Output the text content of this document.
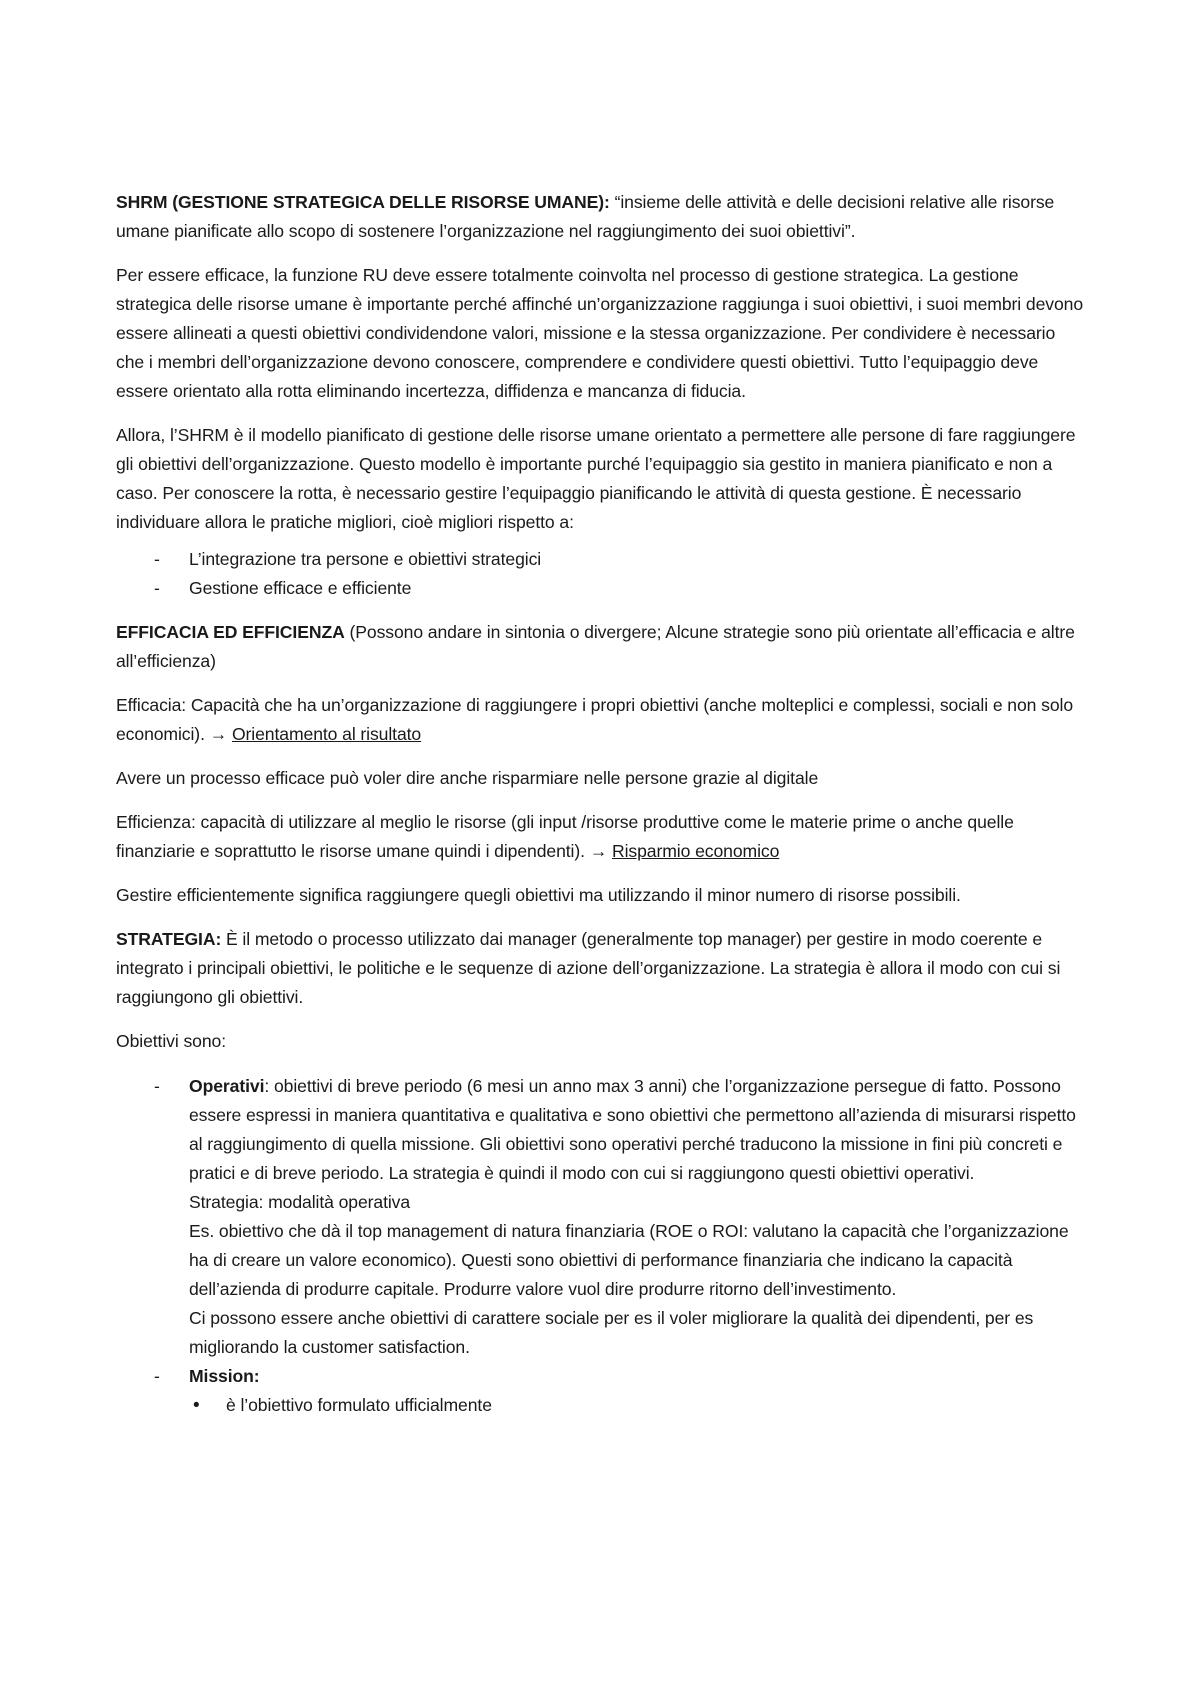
SHRM (GESTIONE STRATEGICA DELLE RISORSE UMANE): “insieme delle attività e delle decisioni relative alle risorse umane pianificate allo scopo di sostenere l’organizzazione nel raggiungimento dei suoi obiettivi”.

Per essere efficace, la funzione RU deve essere totalmente coinvolta nel processo di gestione strategica. La gestione strategica delle risorse umane è importante perché affinché un’organizzazione raggiunga i suoi obiettivi, i suoi membri devono essere allineati a questi obiettivi condividendone valori, missione e la stessa organizzazione. Per condividere è necessario che i membri dell’organizzazione devono conoscere, comprendere e condividere questi obiettivi. Tutto l’equipaggio deve essere orientato alla rotta eliminando incertezza, diffidenza e mancanza di fiducia.

Allora, l’SHRM è il modello pianificato di gestione delle risorse umane orientato a permettere alle persone di fare raggiungere gli obiettivi dell’organizzazione. Questo modello è importante purché l’equipaggio sia gestito in maniera pianificato e non a caso. Per conoscere la rotta, è necessario gestire l’equipaggio pianificando le attività di questa gestione. È necessario individuare allora le pratiche migliori, cioè migliori rispetto a:

- L’integrazione tra persone e obiettivi strategici
- Gestione efficace e efficiente

EFFICACIA ED EFFICIENZA (Possono andare in sintonia o divergere; Alcune strategie sono più orientate all’efficacia e altre all’efficienza)

Efficacia: Capacità che ha un’organizzazione di raggiungere i propri obiettivi (anche molteplici e complessi, sociali e non solo economici). → Orientamento al risultato

Avere un processo efficace può voler dire anche risparmiare nelle persone grazie al digitale

Efficienza: capacità di utilizzare al meglio le risorse (gli input /risorse produttive come le materie prime o anche quelle finanziarie e soprattutto le risorse umane quindi i dipendenti). → Risparmio economico

Gestire efficientemente significa raggiungere quegli obiettivi ma utilizzando il minor numero di risorse possibili.

STRATEGIA: È il metodo o processo utilizzato dai manager (generalmente top manager) per gestire in modo coerente e integrato i principali obiettivi, le politiche e le sequenze di azione dell’organizzazione. La strategia è allora il modo con cui si raggiungono gli obiettivi.

Obiettivi sono:

- Operativi: obiettivi di breve periodo (6 mesi un anno max 3 anni) che l’organizzazione persegue di fatto. Possono essere espressi in maniera quantitativa e qualitativa e sono obiettivi che permettono all’azienda di misurarsi rispetto al raggiungimento di quella missione. Gli obiettivi sono operativi perché traducono la missione in fini più concreti e pratici e di breve periodo. La strategia è quindi il modo con cui si raggiungono questi obiettivi operativi.
Strategia: modalità operativa
Es. obiettivo che dà il top management di natura finanziaria (ROE o ROI: valutano la capacità che l’organizzazione ha di creare un valore economico). Questi sono obiettivi di performance finanziaria che indicano la capacità dell’azienda di produrre capitale. Produrre valore vuol dire produrre ritorno dell’investimento.
Ci possono essere anche obiettivi di carattere sociale per es il voler migliorare la qualità dei dipendenti, per es migliorando la customer satisfaction.
- Mission:
• è l’obiettivo formulato ufficialmente
